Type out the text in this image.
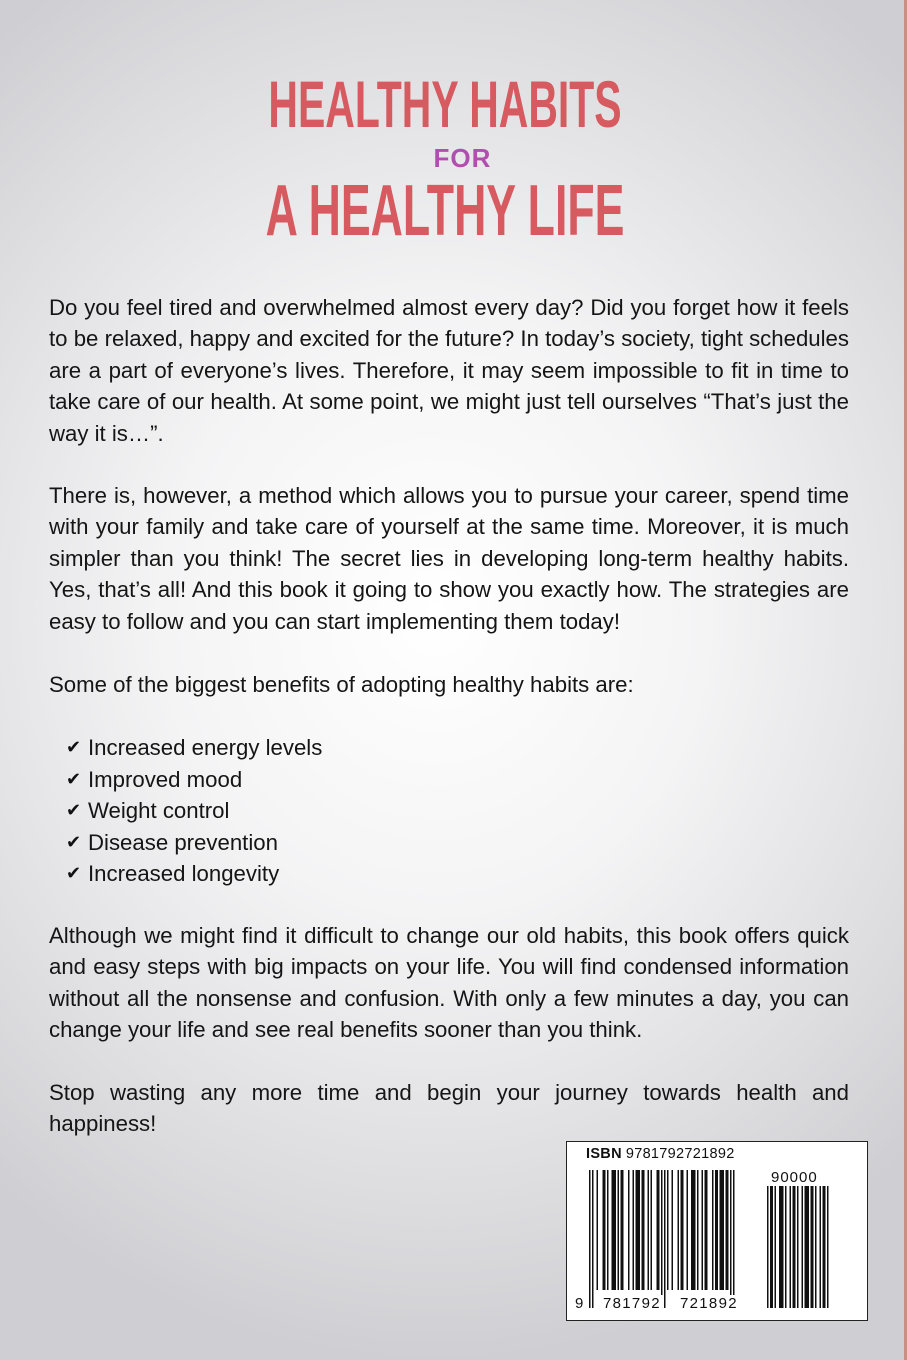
HEALTHY HABITS
FOR
A HEALTHY LIFE

Do you feel tired and overwhelmed almost every day? Did you forget how it feels to be relaxed, happy and excited for the future? In today’s society, tight schedules are a part of everyone’s lives. Therefore, it may seem impossible to fit in time to take care of our health. At some point, we might just tell ourselves “That’s just the way it is…”.

There is, however, a method which allows you to pursue your career, spend time with your family and take care of yourself at the same time. Moreover, it is much simpler than you think! The secret lies in developing long-term healthy habits. Yes, that’s all! And this book it going to show you exactly how. The strategies are easy to follow and you can start implementing them today!

Some of the biggest benefits of adopting healthy habits are:

✔ Increased energy levels
✔ Improved mood
✔ Weight control
✔ Disease prevention
✔ Increased longevity

Although we might find it difficult to change our old habits, this book offers quick and easy steps with big impacts on your life. You will find condensed information without all the nonsense and confusion. With only a few minutes a day, you can change your life and see real benefits sooner than you think.

Stop wasting any more time and begin your journey towards health and happiness!

ISBN 9781792721892
90000
9 781792 721892
